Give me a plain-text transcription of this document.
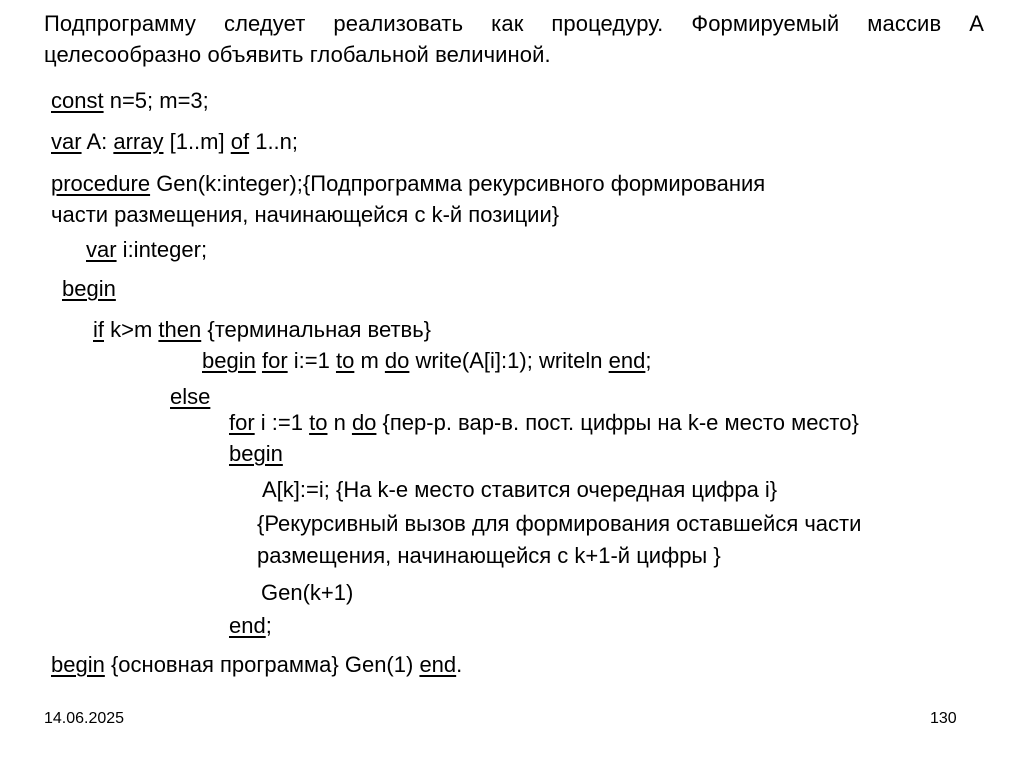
Подпрограмму следует реализовать как процедуру. Формируемый массив A целесообразно объявить глобальной величиной.
const n=5; m=3;
var A: array [1..m] of 1..n;
procedure Gen(k:integer);{Подпрограмма рекурсивного формирования
части размещения, начинающейся с k-й позиции}
var i:integer;
begin
if k>m then {терминальная ветвь}
begin for i:=1 to m do write(A[i]:1); writeln end;
else
for i :=1 to n do {пер-р. вар-в. пост. цифры на k-е место место}
begin
A[k]:=i; {На k-е место ставится очередная цифра i}
{Рекурсивный вызов для формирования оставшейся части
размещения, начинающейся с k+1-й цифры }
Gen(k+1)
end;
begin {основная программа} Gen(1) end.
14.06.2025	130
